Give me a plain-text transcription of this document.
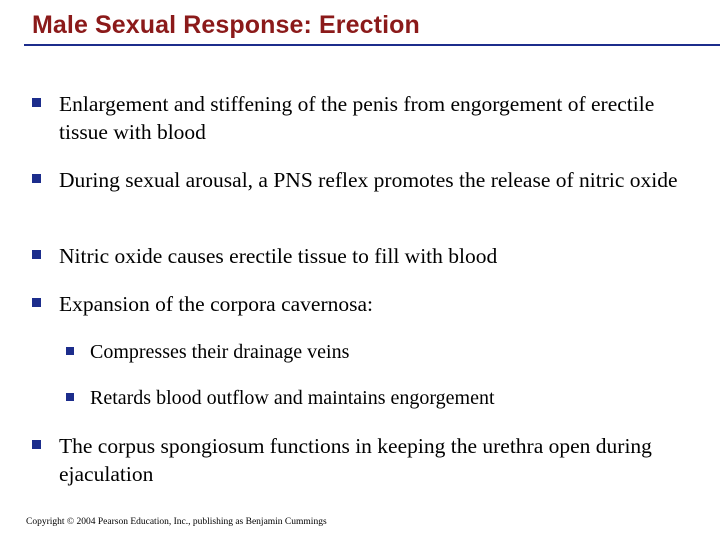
Male Sexual Response: Erection
Enlargement and stiffening of the penis from engorgement of erectile tissue with blood
During sexual arousal, a PNS reflex promotes the release of nitric oxide
Nitric oxide causes erectile tissue to fill with blood
Expansion of the corpora cavernosa:
Compresses their drainage veins
Retards blood outflow and maintains engorgement
The corpus spongiosum functions in keeping the urethra open during ejaculation
Copyright © 2004 Pearson Education, Inc., publishing as Benjamin Cummings
